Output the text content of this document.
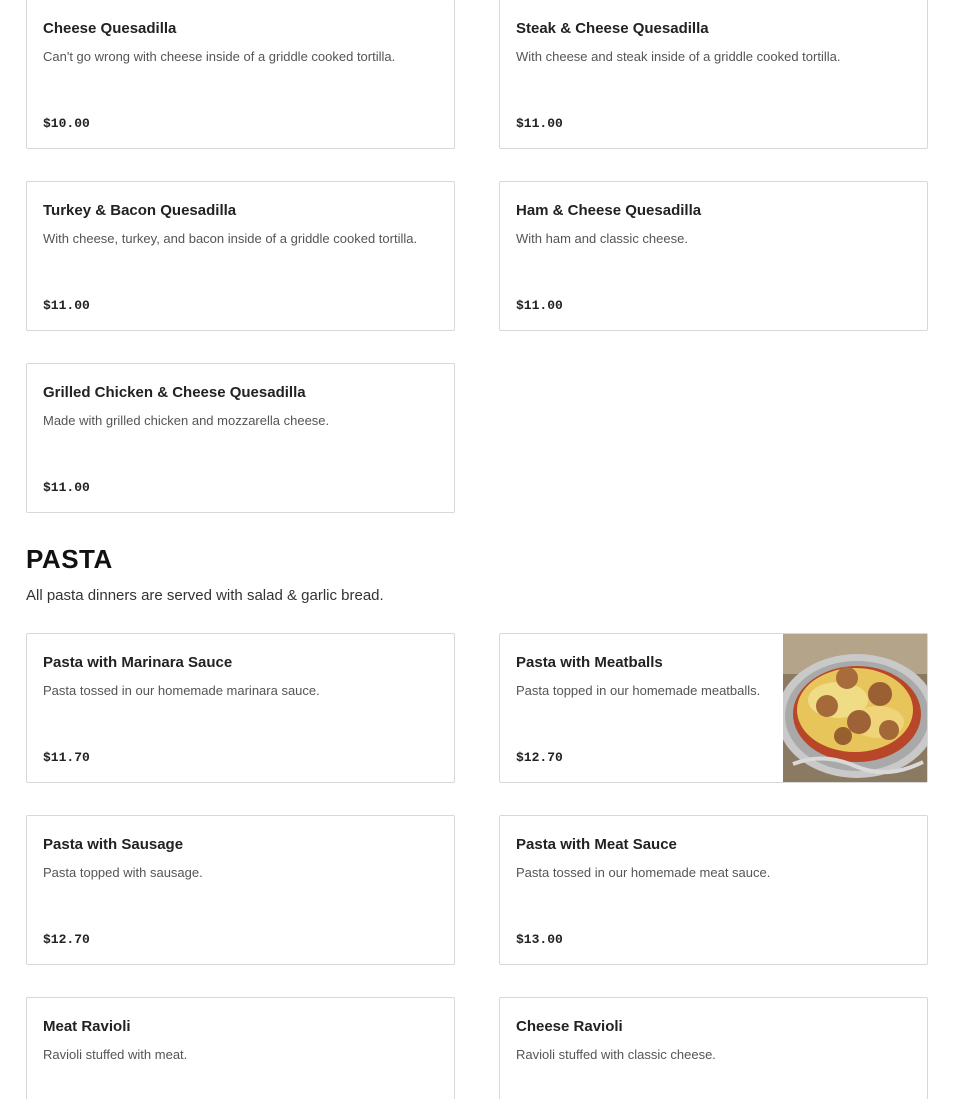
Cheese Quesadilla
Can't go wrong with cheese inside of a griddle cooked tortilla.
$10.00
Steak & Cheese Quesadilla
With cheese and steak inside of a griddle cooked tortilla.
$11.00
Turkey & Bacon Quesadilla
With cheese, turkey, and bacon inside of a griddle cooked tortilla.
$11.00
Ham & Cheese Quesadilla
With ham and classic cheese.
$11.00
Grilled Chicken & Cheese Quesadilla
Made with grilled chicken and mozzarella cheese.
$11.00
PASTA

All pasta dinners are served with salad & garlic bread.

Pasta with Marinara Sauce
Pasta tossed in our homemade marinara sauce.
$11.70
Pasta with Meatballs
Pasta topped in our homemade meatballs.
$12.70
Pasta with Sausage
Pasta topped with sausage.
$12.70
Pasta with Meat Sauce
Pasta tossed in our homemade meat sauce.
$13.00
Meat Ravioli
Ravioli stuffed with meat.
Cheese Ravioli
Ravioli stuffed with classic cheese.
